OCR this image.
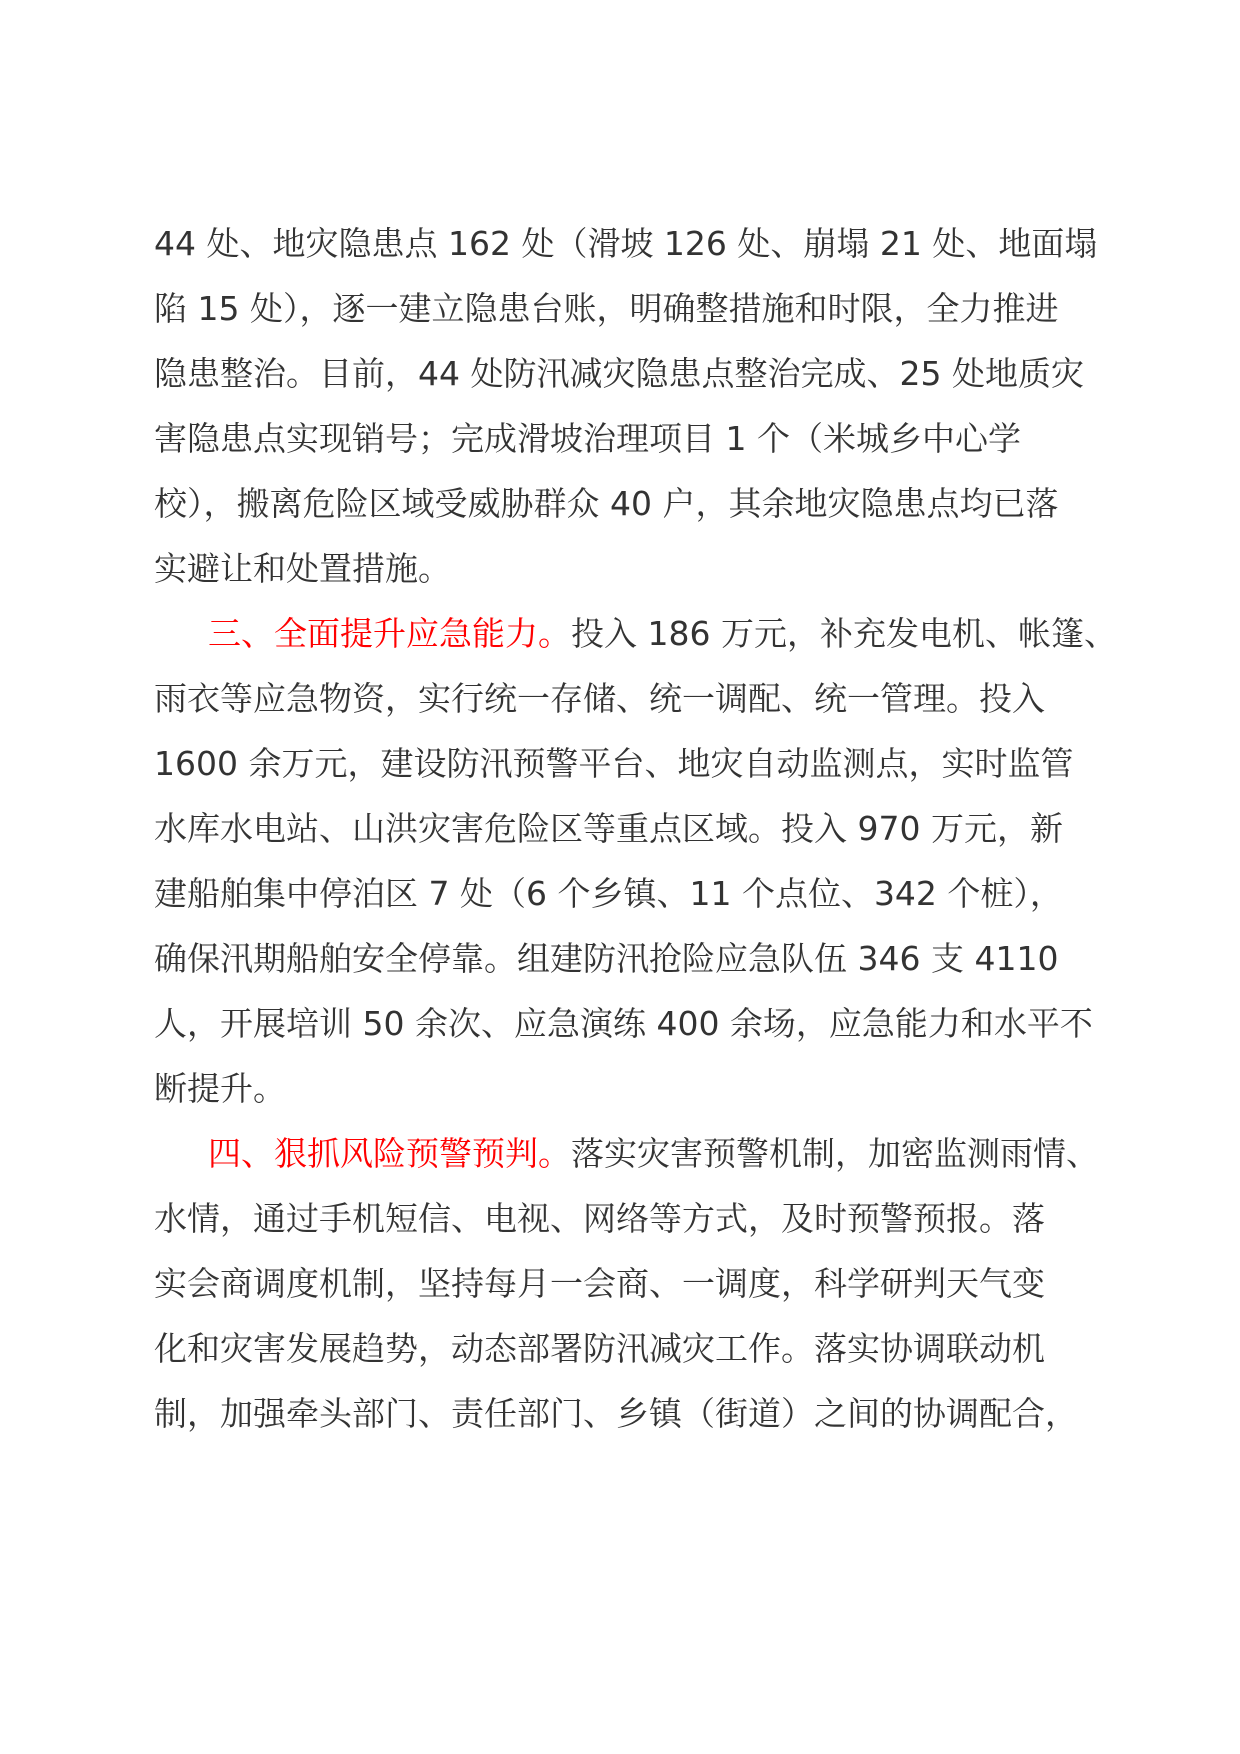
44 处、地灾隐患点 162 处（滑坡 126 处、崩塌 21 处、地面塌
陷 15 处），逐一建立隐患台账，明确整措施和时限，全力推进
隐患整治。目前，44 处防汛减灾隐患点整治完成、25 处地质灾
害隐患点实现销号；完成滑坡治理项目 1 个（米城乡中心学
校），搬离危险区域受威胁群众 40 户，其余地灾隐患点均已落
实避让和处置措施。
三、全面提升应急能力。投入 186 万元，补充发电机、帐篷、
雨衣等应急物资，实行统一存储、统一调配、统一管理。投入
1600 余万元，建设防汛预警平台、地灾自动监测点，实时监管
水库水电站、山洪灾害危险区等重点区域。投入 970 万元，新
建船舶集中停泊区 7 处（6 个乡镇、11 个点位、342 个桩），
确保汛期船舶安全停靠。组建防汛抢险应急队伍 346 支 4110
人，开展培训 50 余次、应急演练 400 余场，应急能力和水平不
断提升。
四、狠抓风险预警预判。落实灾害预警机制，加密监测雨情、
水情，通过手机短信、电视、网络等方式，及时预警预报。落
实会商调度机制，坚持每月一会商、一调度，科学研判天气变
化和灾害发展趋势，动态部署防汛减灾工作。落实协调联动机
制，加强牵头部门、责任部门、乡镇（街道）之间的协调配合，
